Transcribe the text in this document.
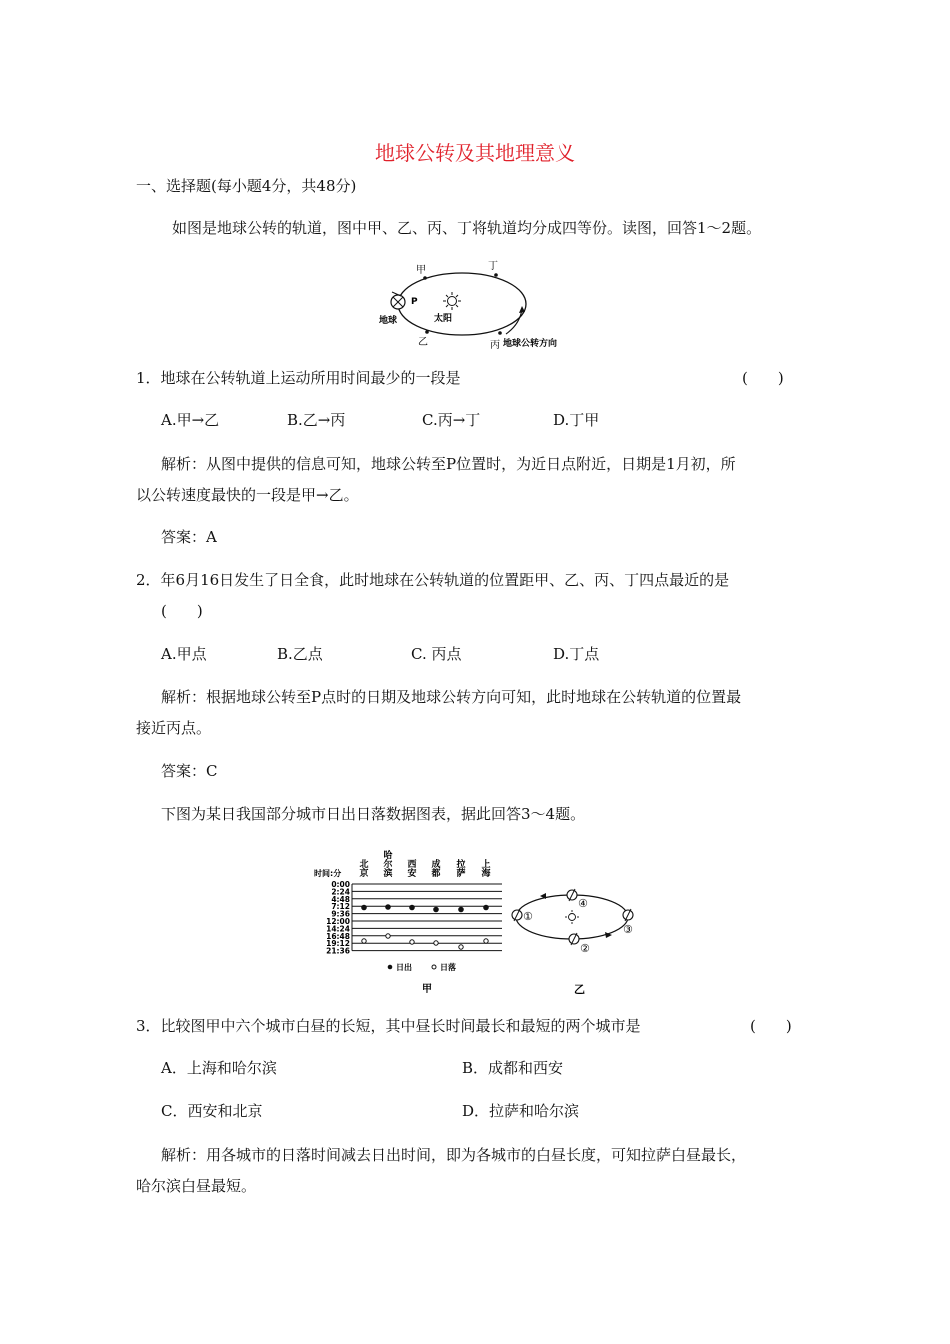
地球公转及其地理意义
一、选择题(每小题4分，共48分)
如图是地球公转的轨道，图中甲、乙、丙、丁将轨道均分成四等份。读图，回答1～2题。
甲	丁
P
地球	太阳
乙	丙 地球公转方向
1．地球在公转轨道上运动所用时间最少的一段是	(　　)
A.甲→乙	B.乙→丙	C.丙→丁	D.丁甲
解析：从图中提供的信息可知，地球公转至P位置时，为近日点附近，日期是1月初，所
以公转速度最快的一段是甲→乙。
答案：A
2．年6月16日发生了日全食，此时地球在公转轨道的位置距甲、乙、丙、丁四点最近的是
(　　)
A.甲点	B.乙点	C. 丙点	D.丁点
解析：根据地球公转至P点时的日期及地球公转方向可知，此时地球在公转轨道的位置最
接近丙点。
答案：C
下图为某日我国部分城市日出日落数据图表，据此回答3～4题。
时间:分
北
京
哈
尔
滨
西
安
成
都
拉
萨
上
海
0:00
2:24
4:48
7:12
9:36
12:00
14:24
16:48
19:12
21:36
日出	日落
甲
①
②
③
④
乙
3．比较图甲中六个城市白昼的长短，其中昼长时间最长和最短的两个城市是	(　　)
A．上海和哈尔滨	B．成都和西安
C．西安和北京	D．拉萨和哈尔滨
解析：用各城市的日落时间减去日出时间，即为各城市的白昼长度，可知拉萨白昼最长，
哈尔滨白昼最短。
